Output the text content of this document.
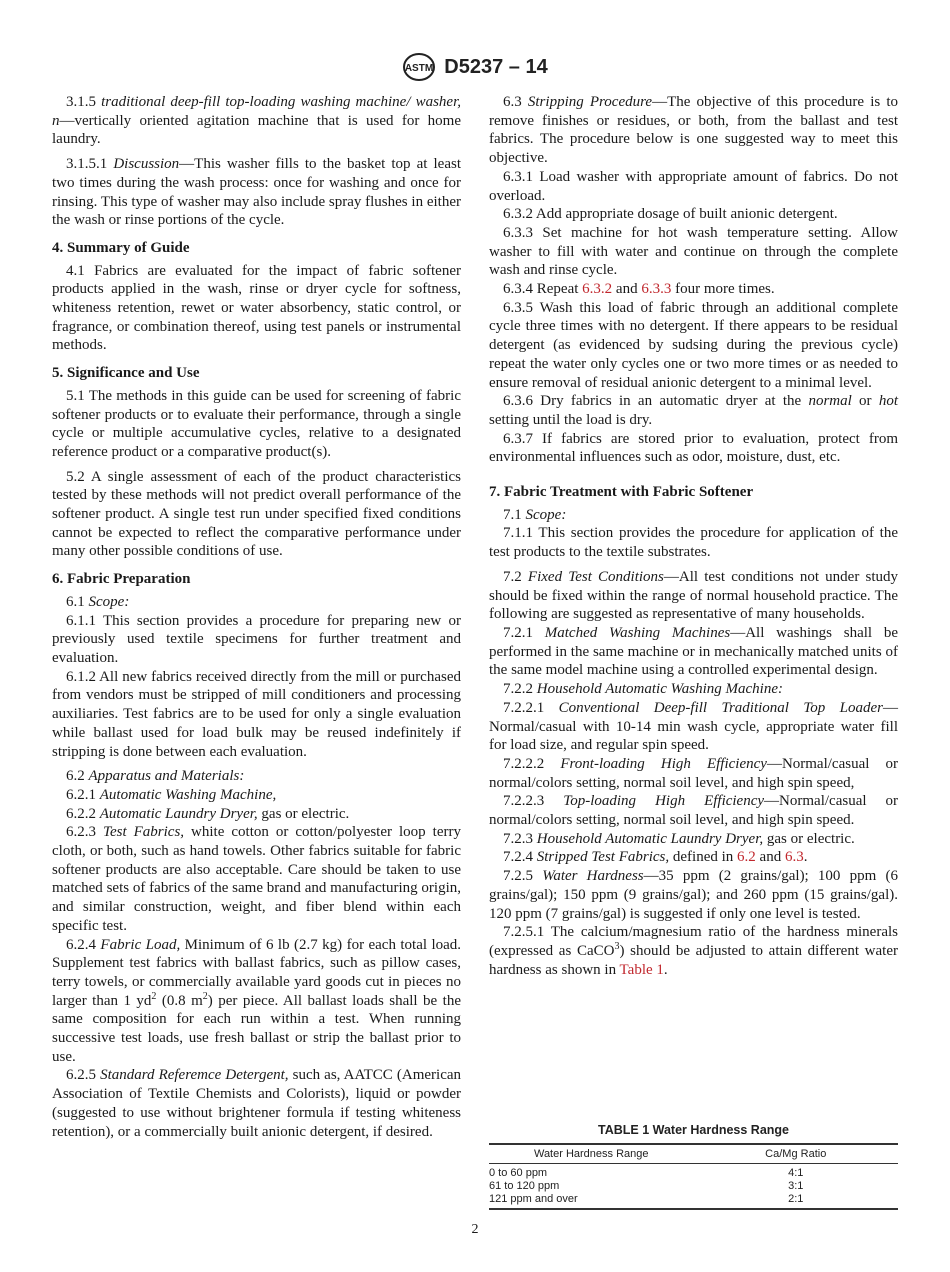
ASTM D5237 – 14
3.1.5 traditional deep-fill top-loading washing machine/ washer, n—vertically oriented agitation machine that is used for home laundry.
3.1.5.1 Discussion—This washer fills to the basket top at least two times during the wash process: once for washing and once for rinsing. This type of washer may also include spray flushes in either the wash or rinse portions of the cycle.
4. Summary of Guide
4.1 Fabrics are evaluated for the impact of fabric softener products applied in the wash, rinse or dryer cycle for softness, whiteness retention, rewet or water absorbency, static control, or fragrance, or combination thereof, using test panels or instrumental methods.
5. Significance and Use
5.1 The methods in this guide can be used for screening of fabric softener products or to evaluate their performance, through a single cycle or multiple accumulative cycles, relative to a designated reference product or a comparative product(s).
5.2 A single assessment of each of the product characteristics tested by these methods will not predict overall performance of the softener product. A single test run under specified fixed conditions cannot be expected to reflect the comparative performance under many other possible conditions of use.
6. Fabric Preparation
6.1 Scope:
6.1.1 This section provides a procedure for preparing new or previously used textile specimens for further treatment and evaluation.
6.1.2 All new fabrics received directly from the mill or purchased from vendors must be stripped of mill conditioners and processing auxiliaries. Test fabrics are to be used for only a single evaluation while ballast used for load bulk may be reused indefinitely if stripping is done between each evaluation.
6.2 Apparatus and Materials:
6.2.1 Automatic Washing Machine,
6.2.2 Automatic Laundry Dryer, gas or electric.
6.2.3 Test Fabrics, white cotton or cotton/polyester loop terry cloth, or both, such as hand towels. Other fabrics suitable for fabric softener products are also acceptable. Care should be taken to use matched sets of fabrics of the same brand and manufacturing origin, and similar construction, weight, and fiber blend within each specific test.
6.2.4 Fabric Load, Minimum of 6 lb (2.7 kg) for each total load. Supplement test fabrics with ballast fabrics, such as pillow cases, terry towels, or commercially available yard goods cut in pieces no larger than 1 $yd^2$ (0.8 $m^2$) per piece. All ballast loads shall be the same composition for each run within a test. When running successive test loads, use fresh ballast or strip the ballast prior to use.
6.2.5 Standard Referemce Detergent, such as, AATCC (American Association of Textile Chemists and Colorists), liquid or powder (suggested to use without brightener formula if testing whiteness retention), or a commercially built anionic detergent, if desired.
6.3 Stripping Procedure—The objective of this procedure is to remove finishes or residues, or both, from the ballast and test fabrics. The procedure below is one suggested way to meet this objective.
6.3.1 Load washer with appropriate amount of fabrics. Do not overload.
6.3.2 Add appropriate dosage of built anionic detergent.
6.3.3 Set machine for hot wash temperature setting. Allow washer to fill with water and continue on through the complete wash and rinse cycle.
6.3.4 Repeat 6.3.2 and 6.3.3 four more times.
6.3.5 Wash this load of fabric through an additional complete cycle three times with no detergent. If there appears to be residual detergent (as evidenced by sudsing during the previous cycle) repeat the water only cycles one or two more times or as needed to ensure removal of residual anionic detergent to a minimal level.
6.3.6 Dry fabrics in an automatic dryer at the normal or hot setting until the load is dry.
6.3.7 If fabrics are stored prior to evaluation, protect from environmental influences such as odor, moisture, dust, etc.
7. Fabric Treatment with Fabric Softener
7.1 Scope:
7.1.1 This section provides the procedure for application of the test products to the textile substrates.
7.2 Fixed Test Conditions—All test conditions not under study should be fixed within the range of normal household practice. The following are suggested as representative of many households.
7.2.1 Matched Washing Machines—All washings shall be performed in the same machine or in mechanically matched units of the same model machine using a controlled experimental design.
7.2.2 Household Automatic Washing Machine:
7.2.2.1 Conventional Deep-fill Traditional Top Loader—Normal/casual with 10-14 min wash cycle, appropriate water fill for load size, and regular spin speed.
7.2.2.2 Front-loading High Efficiency—Normal/casual or normal/colors setting, normal soil level, and high spin speed,
7.2.2.3 Top-loading High Efficiency—Normal/casual or normal/colors setting, normal soil level, and high spin speed.
7.2.3 Household Automatic Laundry Dryer, gas or electric.
7.2.4 Stripped Test Fabrics, defined in 6.2 and 6.3.
7.2.5 Water Hardness—35 ppm (2 grains/gal); 100 ppm (6 grains/gal); 150 ppm (9 grains/gal); and 260 ppm (15 grains/gal). 120 ppm (7 grains/gal) is suggested if only one level is tested.
7.2.5.1 The calcium/magnesium ratio of the hardness minerals (expressed as CaCO$^3$) should be adjusted to attain different water hardness as shown in Table 1.
TABLE 1 Water Hardness Range
Water Hardness Range	Ca/Mg Ratio
0 to 60 ppm	4:1
61 to 120 ppm	3:1
121 ppm and over	2:1
2
